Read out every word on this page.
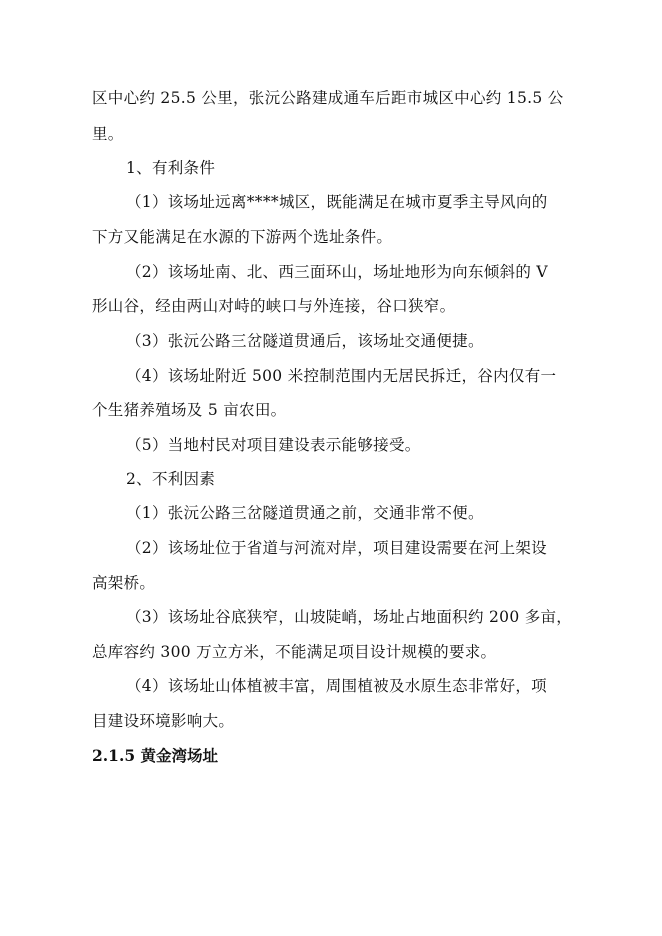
区中心约 25.5 公里，张沅公路建成通车后距市城区中心约 15.5 公
里。
1、有利条件
（1）该场址远离****城区，既能满足在城市夏季主导风向的
下方又能满足在水源的下游两个选址条件。
（2）该场址南、北、西三面环山，场址地形为向东倾斜的 V
形山谷，经由两山对峙的峡口与外连接，谷口狭窄。
（3）张沅公路三岔隧道贯通后，该场址交通便捷。
（4）该场址附近 500 米控制范围内无居民拆迁，谷内仅有一
个生猪养殖场及 5 亩农田。
（5）当地村民对项目建设表示能够接受。
2、不利因素
（1）张沅公路三岔隧道贯通之前，交通非常不便。
（2）该场址位于省道与河流对岸，项目建设需要在河上架设
高架桥。
（3）该场址谷底狭窄，山坡陡峭，场址占地面积约 200 多亩，
总库容约 300 万立方米，不能满足项目设计规模的要求。
（4）该场址山体植被丰富，周围植被及水原生态非常好，项
目建设环境影响大。
2.1.5 黄金湾场址
